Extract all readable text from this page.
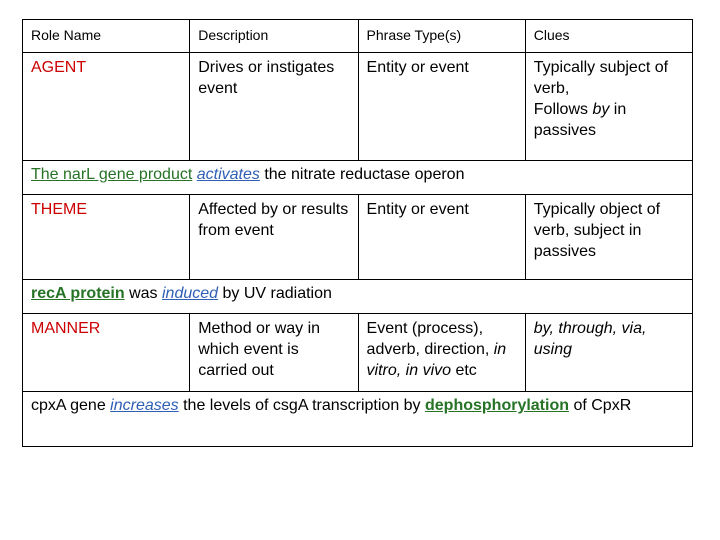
Role Name	Description	Phrase Type(s)	Clues
AGENT	Drives or instigates event	Entity or event	Typically subject of verb,
Follows by in passives
The narL gene product activates the nitrate reductase operon			
THEME	Affected by or results from event	Entity or event	Typically object of verb, subject in passives
recA protein was induced by UV radiation			
MANNER	Method or way in which event is carried out	Event (process), adverb, direction, in vitro, in vivo etc	by, through, via, using
cpxA gene increases the levels of csgA transcription by dephosphorylation of CpxR			
